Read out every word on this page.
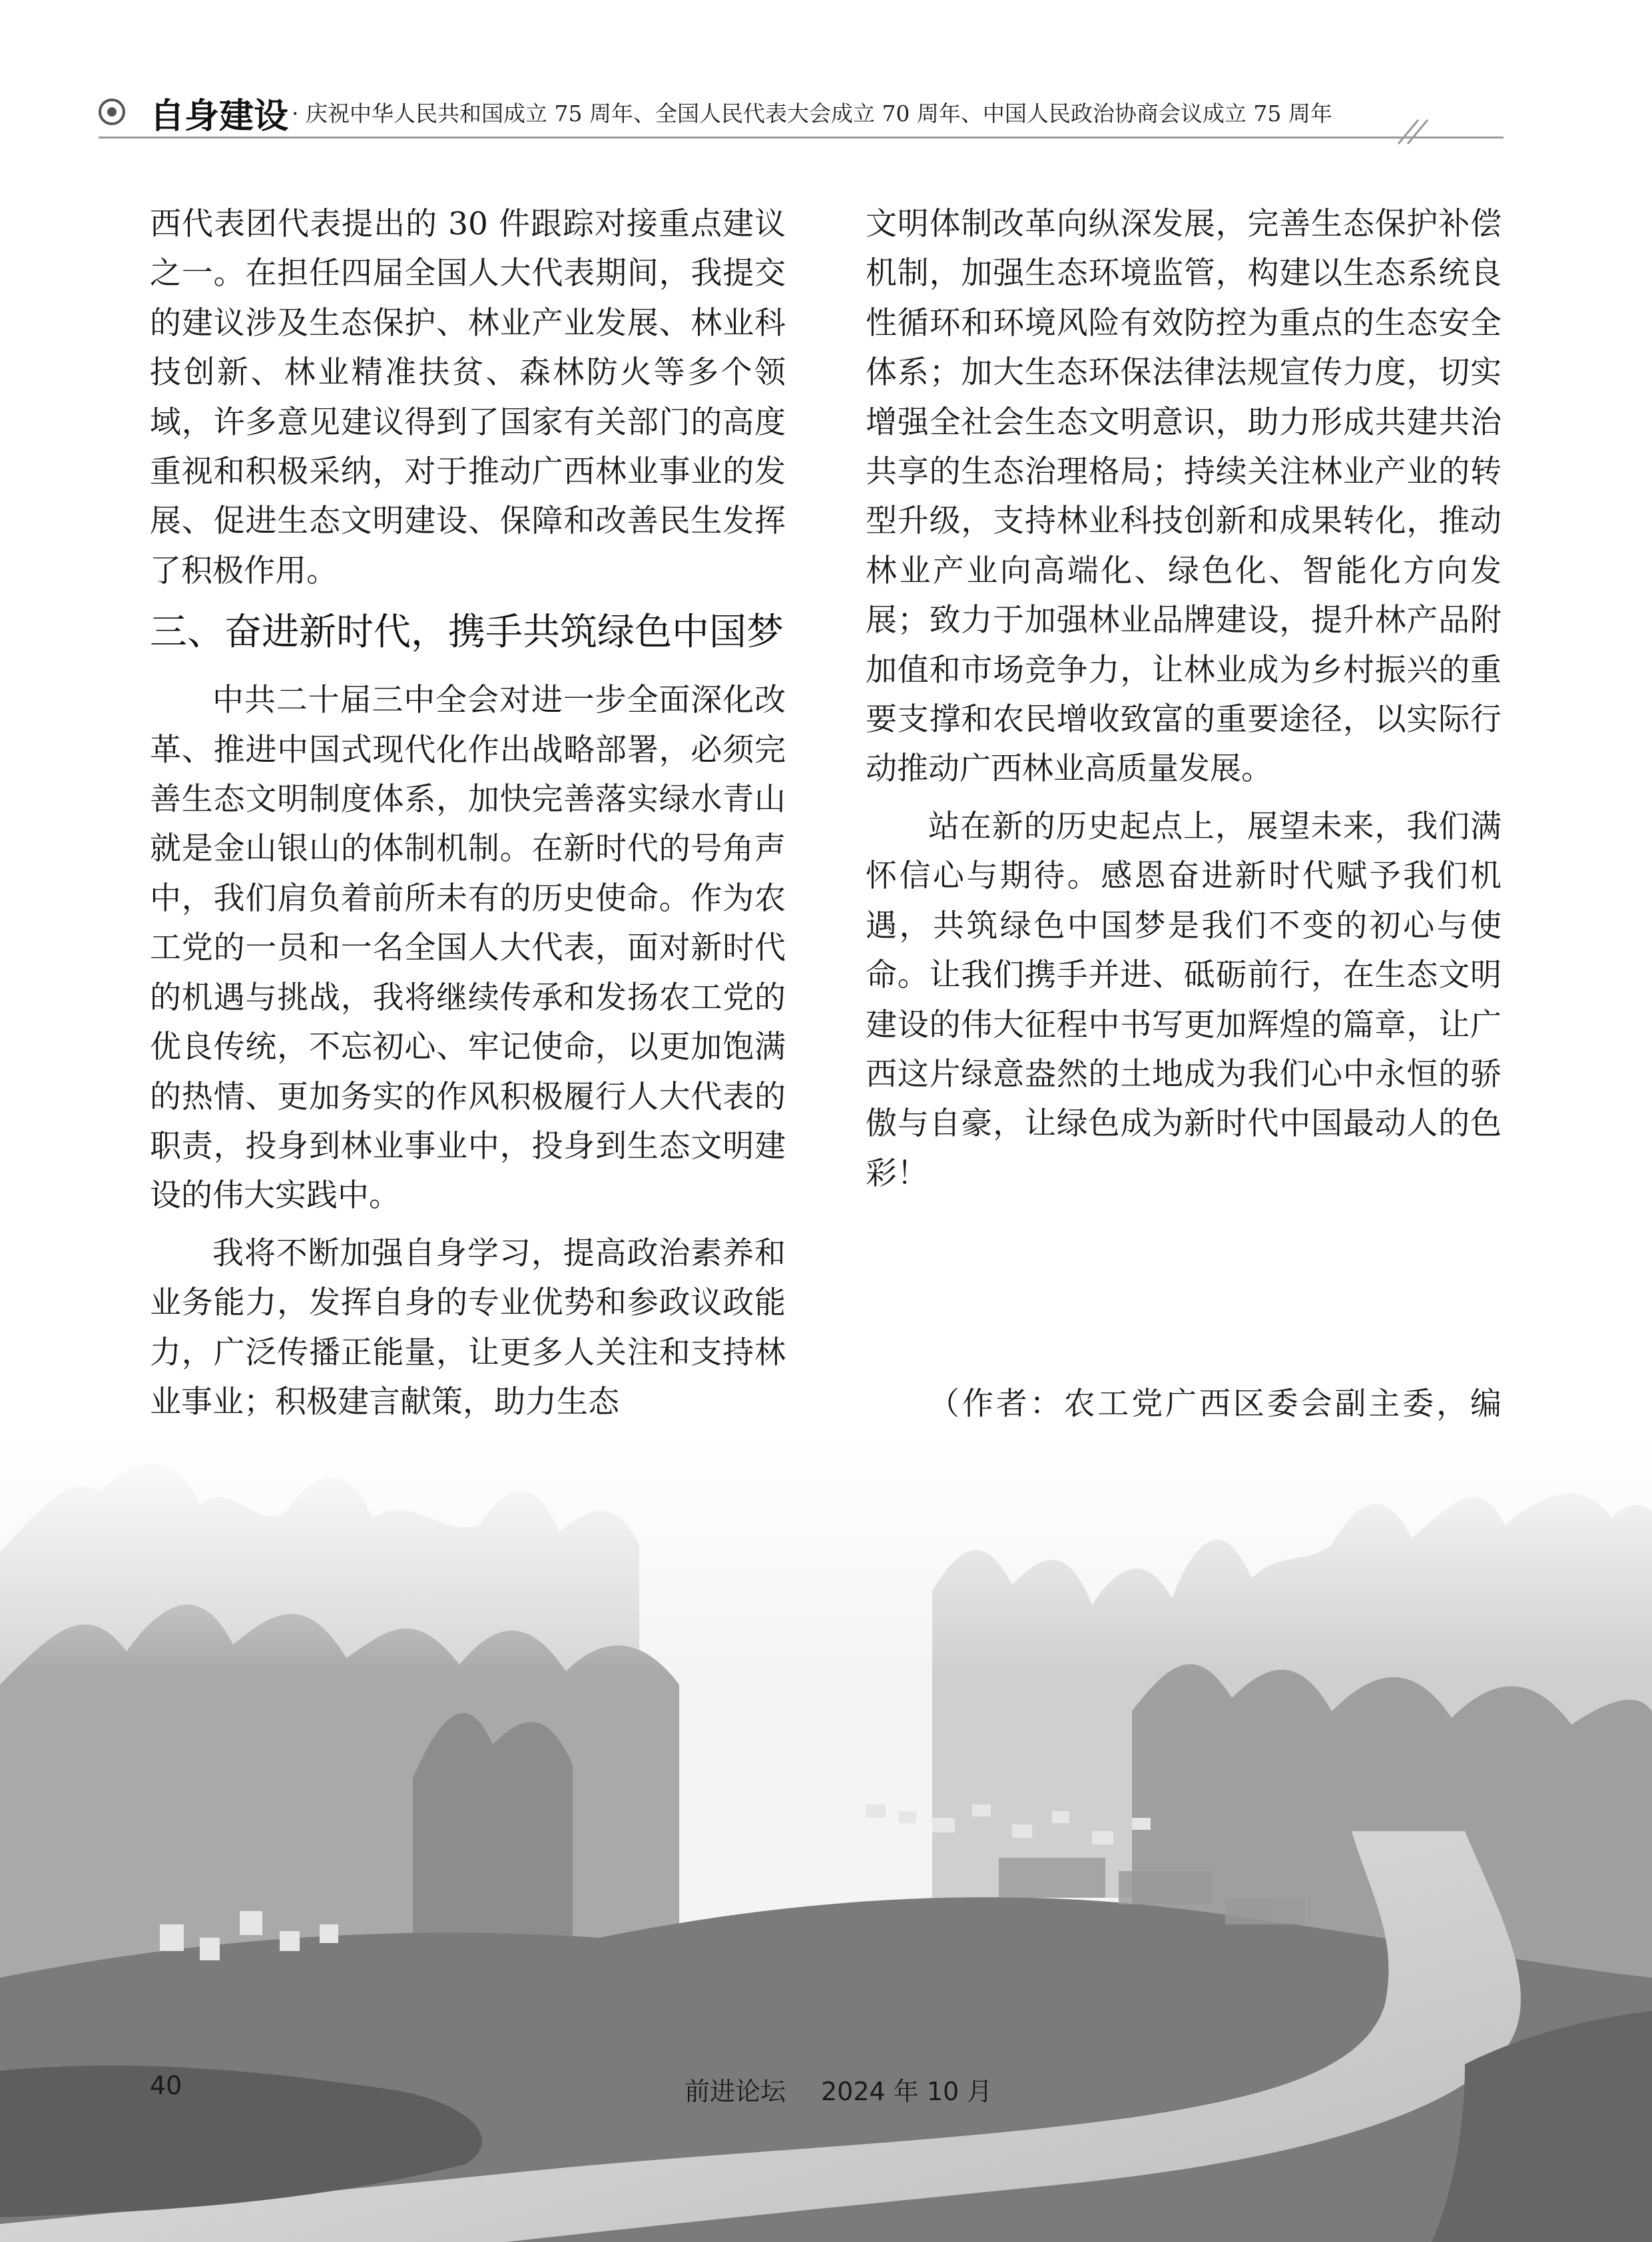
自身建设 · 庆祝中华人民共和国成立 75 周年、全国人民代表大会成立 70 周年、中国人民政治协商会议成立 75 周年

西代表团代表提出的 30 件跟踪对接重点建议之一。在担任四届全国人大代表期间，我提交的建议涉及生态保护、林业产业发展、林业科技创新、林业精准扶贫、森林防火等多个领域，许多意见建议得到了国家有关部门的高度重视和积极采纳，对于推动广西林业事业的发展、促进生态文明建设、保障和改善民生发挥了积极作用。

三、奋进新时代，携手共筑绿色中国梦

中共二十届三中全会对进一步全面深化改革、推进中国式现代化作出战略部署，必须完善生态文明制度体系，加快完善落实绿水青山就是金山银山的体制机制。在新时代的号角声中，我们肩负着前所未有的历史使命。作为农工党的一员和一名全国人大代表，面对新时代的机遇与挑战，我将继续传承和发扬农工党的优良传统，不忘初心、牢记使命，以更加饱满的热情、更加务实的作风积极履行人大代表的职责，投身到林业事业中，投身到生态文明建设的伟大实践中。

我将不断加强自身学习，提高政治素养和业务能力，发挥自身的专业优势和参政议政能力，广泛传播正能量，让更多人关注和支持林业事业；积极建言献策，助力生态

文明体制改革向纵深发展，完善生态保护补偿机制，加强生态环境监管，构建以生态系统良性循环和环境风险有效防控为重点的生态安全体系；加大生态环保法律法规宣传力度，切实增强全社会生态文明意识，助力形成共建共治共享的生态治理格局；持续关注林业产业的转型升级，支持林业科技创新和成果转化，推动林业产业向高端化、绿色化、智能化方向发展；致力于加强林业品牌建设，提升林产品附加值和市场竞争力，让林业成为乡村振兴的重要支撑和农民增收致富的重要途径，以实际行动推动广西林业高质量发展。

站在新的历史起点上，展望未来，我们满怀信心与期待。感恩奋进新时代赋予我们机遇，共筑绿色中国梦是我们不变的初心与使命。让我们携手并进、砥砺前行，在生态文明建设的伟大征程中书写更加辉煌的篇章，让广西这片绿意盎然的土地成为我们心中永恒的骄傲与自豪，让绿色成为新时代中国最动人的色彩！

（作者：农工党广西区委会副主委，编
40	前进论坛 2024 年 10 月
